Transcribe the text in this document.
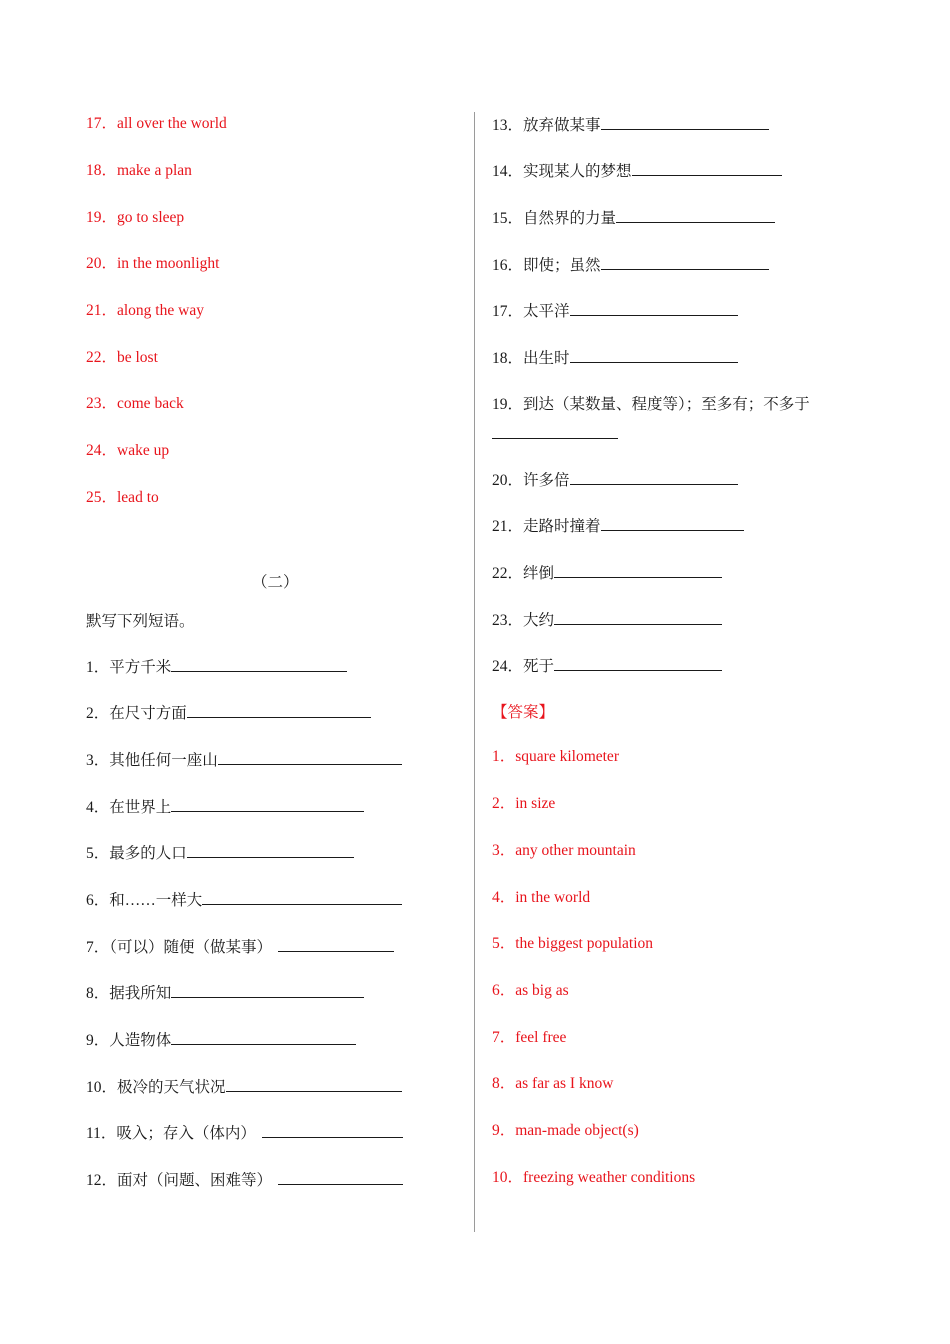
17．all over the world
18．make a plan
19．go to sleep
20．in the moonlight
21．along the way
22．be lost
23．come back
24．wake up
25．lead to
（二）
默写下列短语。
1．平方千米
2．在尺寸方面
3．其他任何一座山
4．在世界上
5．最多的人口
6．和……一样大
7．（可以）随便（做某事）
8．据我所知
9．人造物体
10．极冷的天气状况
11．吸入；存入（体内）
12．面对（问题、困难等）
13．放弃做某事
14．实现某人的梦想
15．自然界的力量
16．即使；虽然
17．太平洋
18．出生时
19．到达（某数量、程度等）；至多有；不多于
20．许多倍
21．走路时撞着
22．绊倒
23．大约
24．死于
【答案】
1．square kilometer
2．in size
3．any other mountain
4．in the world
5．the biggest population
6．as big as
7．feel free
8．as far as I know
9．man-made object(s)
10．freezing weather conditions
